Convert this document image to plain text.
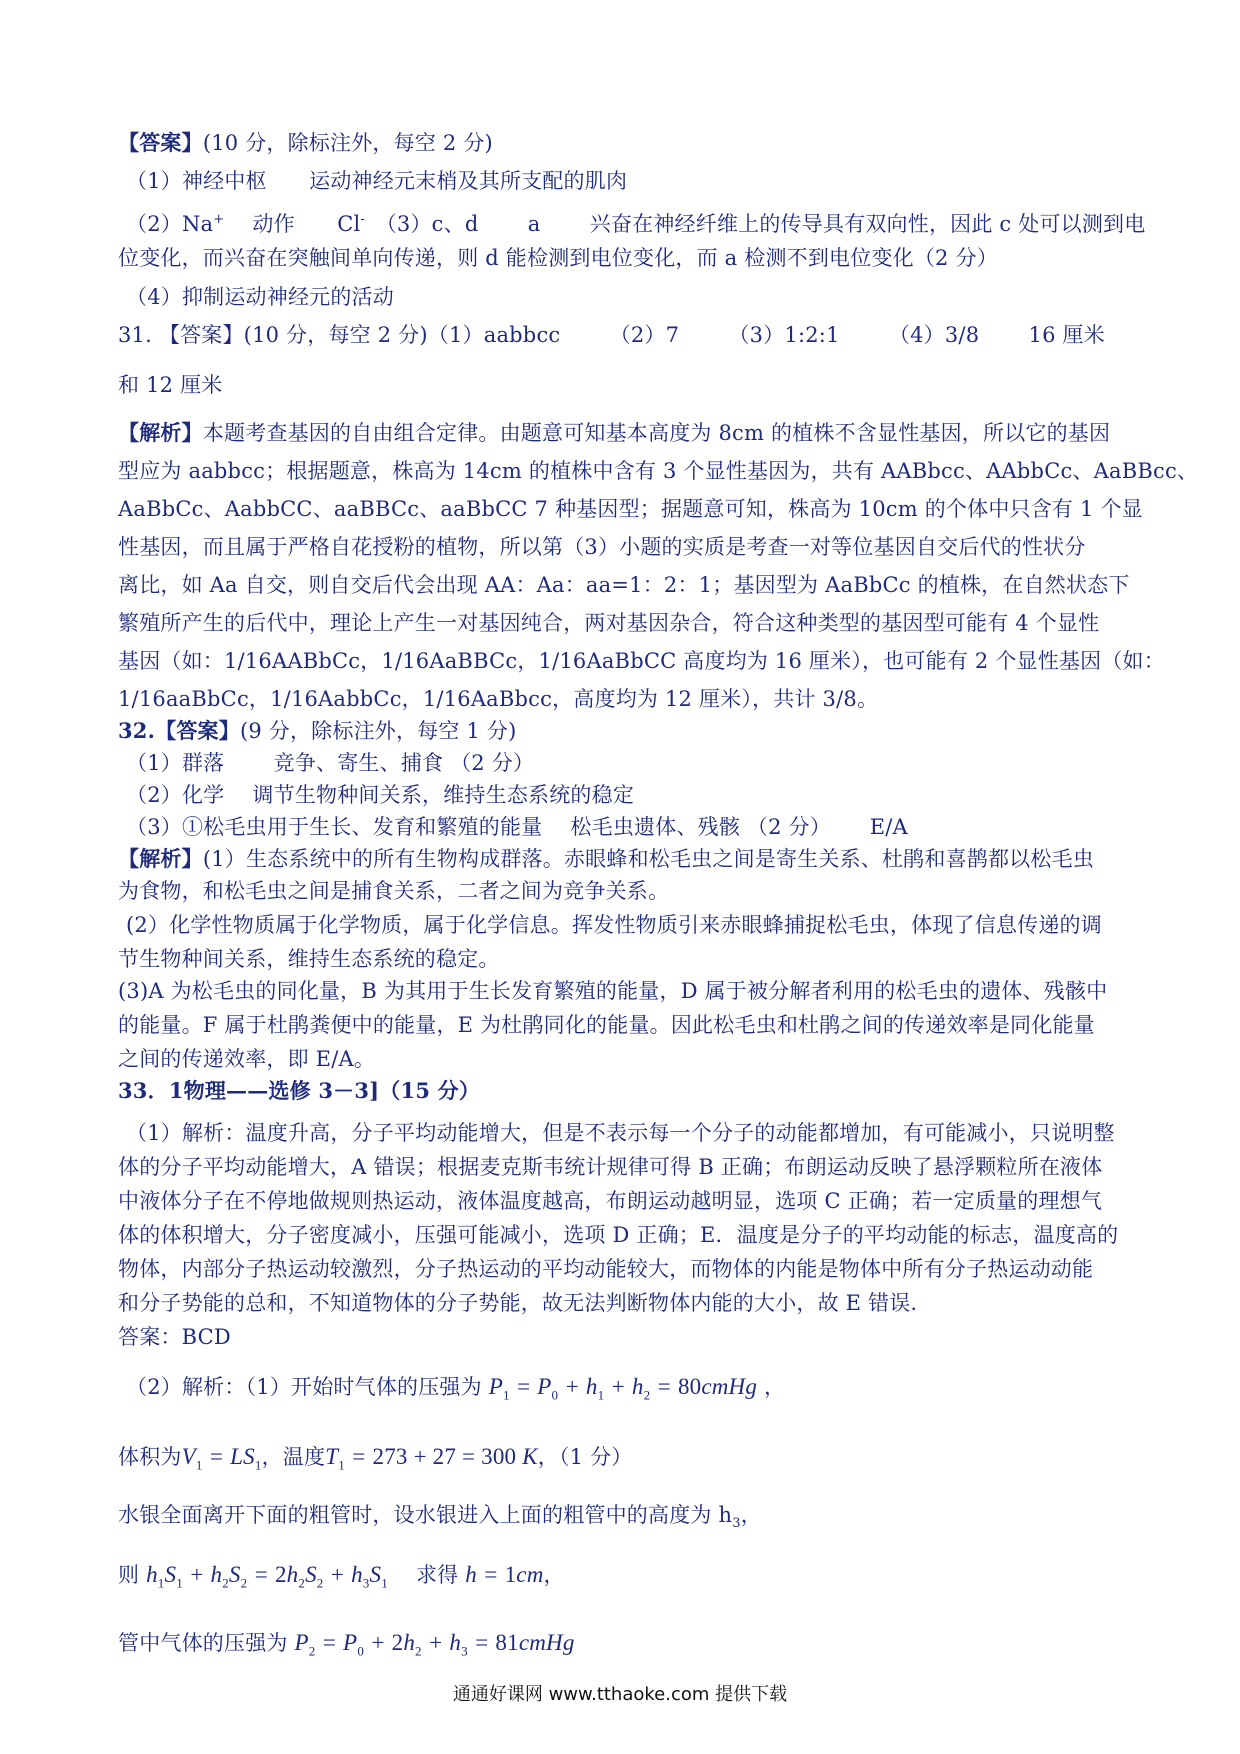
【答案】(10 分，除标注外，每空 2 分)
（1）神经中枢　　运动神经元末梢及其所支配的肌肉
（2）Na+　 动作　　Cl-　（3）c、d　　 a　　 兴奋在神经纤维上的传导具有双向性，因此 c 处可以测到电
位变化，而兴奋在突触间单向传递，则 d 能检测到电位变化，而 a 检测不到电位变化（2 分）
（4）抑制运动神经元的活动
31. 【答案】(10 分，每空 2 分)（1）aabbcc　　 （2）7　　 （3）1:2:1　　 （4）3/8　　 16 厘米
和 12 厘米
【解析】本题考查基因的自由组合定律。由题意可知基本高度为 8cm 的植株不含显性基因，所以它的基因
型应为 aabbcc；根据题意，株高为 14cm 的植株中含有 3 个显性基因为，共有 AABbcc、AAbbCc、AaBBcc、
AaBbCc、AabbCC、aaBBCc、aaBbCC 7 种基因型；据题意可知，株高为 10cm 的个体中只含有 1 个显
性基因，而且属于严格自花授粉的植物，所以第（3）小题的实质是考查一对等位基因自交后代的性状分
离比，如 Aa 自交，则自交后代会出现 AA：Aa：aa=1：2：1；基因型为 AaBbCc 的植株，在自然状态下
繁殖所产生的后代中，理论上产生一对基因纯合，两对基因杂合，符合这种类型的基因型可能有 4 个显性
基因（如：1/16AABbCc，1/16AaBBCc，1/16AaBbCC 高度均为 16 厘米），也可能有 2 个显性基因（如：
1/16aaBbCc，1/16AabbCc，1/16AaBbcc，高度均为 12 厘米），共计 3/8。
32.【答案】(9 分，除标注外，每空 1 分)
（1）群落　　 竞争、寄生、捕食 （2 分）
（2）化学　 调节生物种间关系，维持生态系统的稳定
（3）①松毛虫用于生长、发育和繁殖的能量　 松毛虫遗体、残骸 （2 分）　　 E/A
【解析】(1）生态系统中的所有生物构成群落。赤眼蜂和松毛虫之间是寄生关系、杜鹃和喜鹊都以松毛虫
为食物，和松毛虫之间是捕食关系，二者之间为竞争关系。
(2）化学性物质属于化学物质，属于化学信息。挥发性物质引来赤眼蜂捕捉松毛虫，体现了信息传递的调
节生物种间关系，维持生态系统的稳定。
(3)A 为松毛虫的同化量，B 为其用于生长发育繁殖的能量，D 属于被分解者利用的松毛虫的遗体、残骸中
的能量。F 属于杜鹃粪便中的能量，E 为杜鹃同化的能量。因此松毛虫和杜鹃之间的传递效率是同化能量
之间的传递效率，即 E/A。
33．1物理——选修 3－3]（15 分）
（1）解析：温度升高，分子平均动能增大，但是不表示每一个分子的动能都增加，有可能减小，只说明整
体的分子平均动能增大，A 错误；根据麦克斯韦统计规律可得 B 正确；布朗运动反映了悬浮颗粒所在液体
中液体分子在不停地做规则热运动，液体温度越高，布朗运动越明显，选项 C 正确；若一定质量的理想气
体的体积增大，分子密度减小，压强可能减小，选项 D 正确；E．温度是分子的平均动能的标志，温度高的
物体，内部分子热运动较激烈，分子热运动的平均动能较大，而物体的内能是物体中所有分子热运动动能
和分子势能的总和，不知道物体的分子势能，故无法判断物体内能的大小，故 E 错误．
答案：BCD
（2）解析：（1）开始时气体的压强为 $P_1 = P_0 + h_1 + h_2$ = 80cmHg ，
体积为$V_1 = LS_1$，温度$T_1 = 273 + 27 = 300$ K，（1 分）
水银全面离开下面的粗管时，设水银进入上面的粗管中的高度为 $h_3$，
则 $h_1S_1 + h_2S_2 = 2h_2S_2 + h_3S_1$　 求得 h = 1cm，
管中气体的压强为 $P_2 = P_0 + 2h_2 + h_3$ = 81cmHg
通通好课网 www.tthaoke.com 提供下载
